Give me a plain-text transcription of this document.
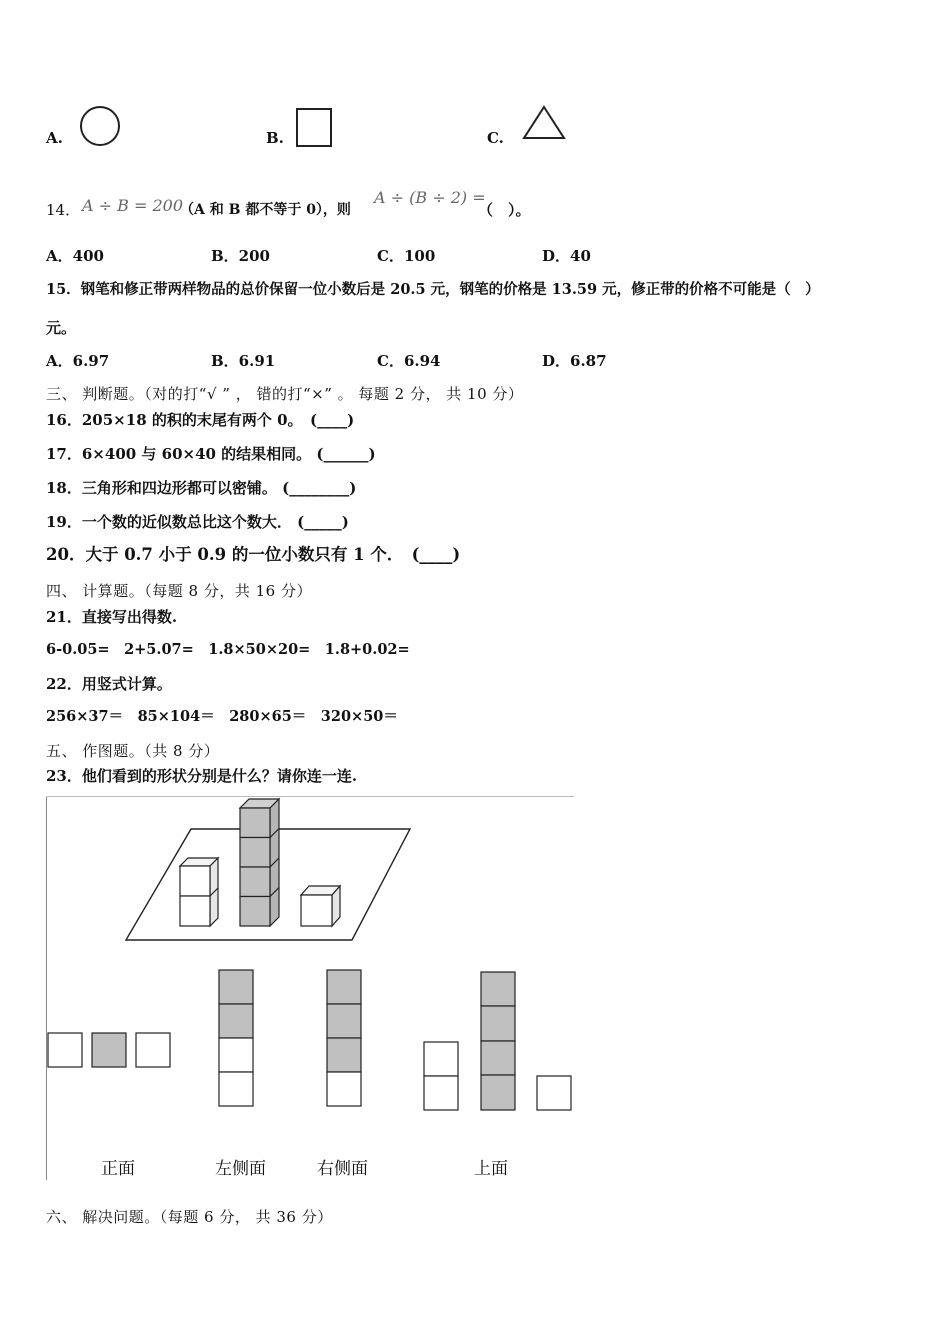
A.	B.	C.
14． A ÷ B = 200
（A 和 B 都不等于 0），则
A ÷ (B ÷ 2) =
（　）。
A．400	B．200	C．100	D．40
15．钢笔和修正带两样物品的总价保留一位小数后是 20.5 元，钢笔的价格是 13.59 元，修正带的价格不可能是（　）
元。
A．6.97	B．6.91	C．6.94	D．6.87
三、 判断题。（对的打“√ ” ， 错的打“×” 。 每题 2 分， 共 10 分）
16．205×18 的积的末尾有两个 0。　(____)
17．6×400 与 60×40 的结果相同。 (______)
18．三角形和四边形都可以密铺。 (________)
19．一个数的近似数总比这个数大． (_____)
20．大于 0.7 小于 0.9 的一位小数只有 1 个．　(____)
四、 计算题。（每题 8 分，共 16 分）
21．直接写出得数.
6-0.05=　2+5.07=　1.8×50×20=　1.8+0.02=
22．用竖式计算。
256×37＝　85×104＝　280×65＝　320×50＝
五、 作图题。（共 8 分）
23．他们看到的形状分别是什么？请你连一连.
正面	左侧面	右侧面	上面
六、 解决问题。（每题 6 分， 共 36 分）
